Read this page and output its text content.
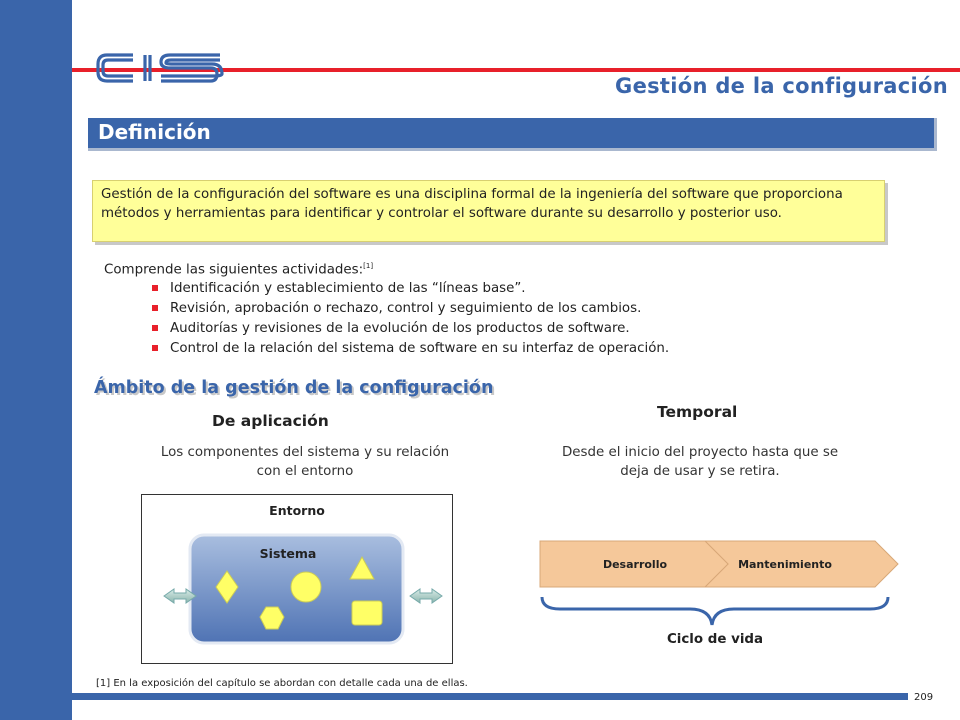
Gestión de la configuración
Definición
Gestión de la configuración del software es una disciplina formal de la ingeniería del software que proporciona métodos y herramientas para identificar y controlar el software durante su desarrollo y posterior uso.
Comprende las siguientes actividades:[1]
Identificación y establecimiento de las “líneas base”.
Revisión, aprobación o rechazo, control y seguimiento de los cambios.
Auditorías y revisiones de la evolución de los productos de software.
Control de la relación del sistema de software en su interfaz de operación.
Ámbito de la gestión de la configuración
De aplicación
Los componentes del sistema y su relación con el entorno
Temporal
Desde el inicio del proyecto hasta que se deja de usar y se retira.
Entorno
Sistema
Desarrollo	Mantenimiento
Ciclo de vida
[1] En la exposición del capítulo se abordan con detalle cada una de ellas.
209
